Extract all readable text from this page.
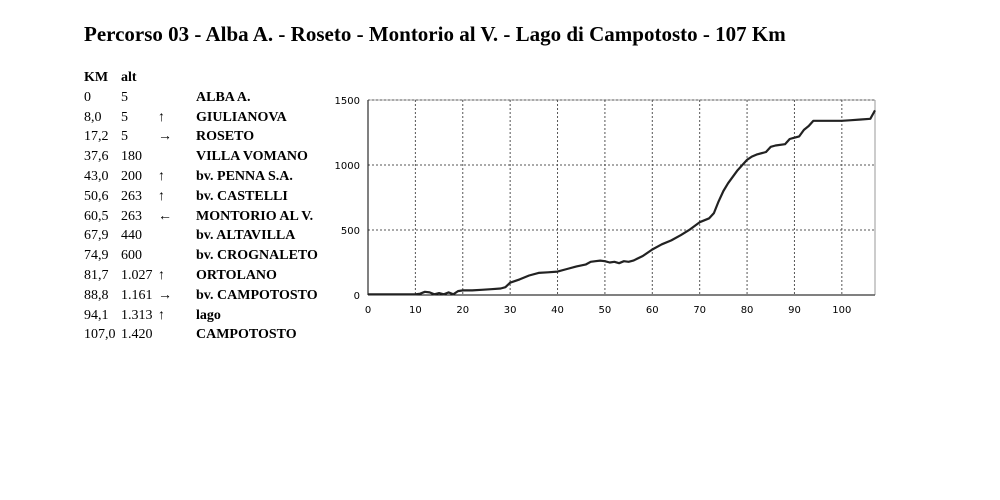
Percorso 03 - Alba A. - Roseto - Montorio al V. - Lago di Campotosto - 107 Km
KM alt
0 5	ALBA A.
8,0 5 ↑ GIULIANOVA
17,2 5 → ROSETO
37,6 180	VILLA VOMANO
43,0 200 ↑ bv. PENNA S.A.
50,6 263 ↑ bv. CASTELLI
60,5 263 ← MONTORIO AL V.
67,9 440	bv. ALTAVILLA
74,9 600	bv. CROGNALETO
81,7 1.027 ↑ ORTOLANO
88,8 1.161 → bv. CAMPOTOSTO
94,1 1.313 ↑ lago
107,0 1.420	CAMPOTOSTO
0	10	20	30	40	50	60	70	80	90	100
0
500
1000
1500
